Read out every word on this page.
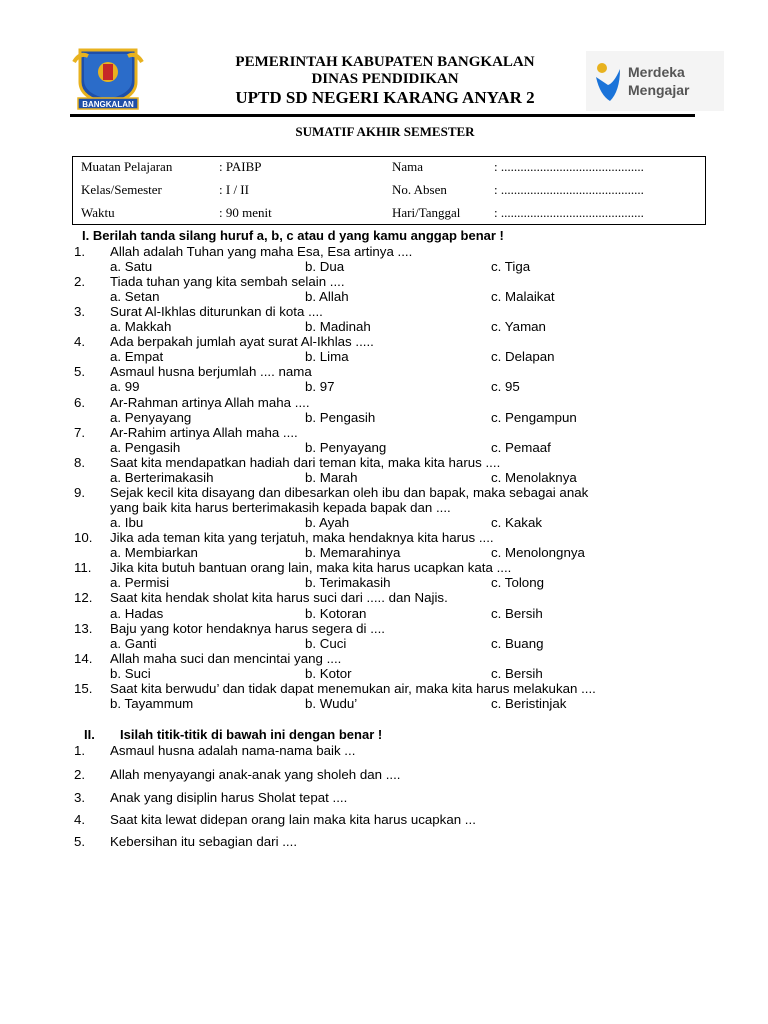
BANGKALAN
PEMERINTAH KABUPATEN BANGKALAN
DINAS PENDIDIKAN
UPTD SD NEGERI KARANG ANYAR 2
Merdeka
Mengajar
SUMATIF AKHIR SEMESTER
Muatan Pelajaran	: PAIBP	Nama	: ............................................
Kelas/Semester	: I / II	No. Absen	: ............................................
Waktu	: 90 menit	Hari/Tanggal	: ............................................
I. Berilah tanda silang huruf a, b, c atau d yang kamu anggap benar !
1. Allah adalah Tuhan yang maha Esa, Esa artinya ....
a. Satu	b. Dua	c. Tiga
2. Tiada tuhan yang kita sembah selain ....
a. Setan	b. Allah	c. Malaikat
3. Surat Al-Ikhlas diturunkan di kota ....
a. Makkah	b. Madinah	c. Yaman
4. Ada berpakah jumlah ayat surat Al-Ikhlas .....
a. Empat	b. Lima	c. Delapan
5. Asmaul husna berjumlah .... nama
a. 99	b. 97	c. 95
6. Ar-Rahman artinya Allah maha ....
a. Penyayang	b. Pengasih	c. Pengampun
7. Ar-Rahim artinya Allah maha ....
a. Pengasih	b. Penyayang	c. Pemaaf
8. Saat kita mendapatkan hadiah dari teman kita, maka kita harus ....
a. Berterimakasih	b. Marah	c. Menolaknya
9. Sejak kecil kita disayang dan dibesarkan oleh ibu dan bapak, maka sebagai anak
yang baik kita harus berterimakasih kepada bapak dan ....
a. Ibu	b. Ayah	c. Kakak
10. Jika ada teman kita yang terjatuh, maka hendaknya kita harus ....
a. Membiarkan	b. Memarahinya	c. Menolongnya
11. Jika kita butuh bantuan orang lain, maka kita harus ucapkan kata ....
a. Permisi	b. Terimakasih	c. Tolong
12. Saat kita hendak sholat kita harus suci dari ..... dan Najis.
a. Hadas	b. Kotoran	c. Bersih
13. Baju yang kotor hendaknya harus segera di ....
a. Ganti	b. Cuci	c. Buang
14. Allah maha suci dan mencintai yang ....
b. Suci	b. Kotor	c. Bersih
15. Saat kita berwudu’ dan tidak dapat menemukan air, maka kita harus melakukan ....
b. Tayammum	b. Wudu’	c. Beristinjak
II. Isilah titik-titik di bawah ini dengan benar !
1. Asmaul husna adalah nama-nama baik ...
2. Allah menyayangi anak-anak yang sholeh dan ....
3. Anak yang disiplin harus Sholat tepat ....
4. Saat kita lewat didepan orang lain maka kita harus ucapkan ...
5. Kebersihan itu sebagian dari ....
